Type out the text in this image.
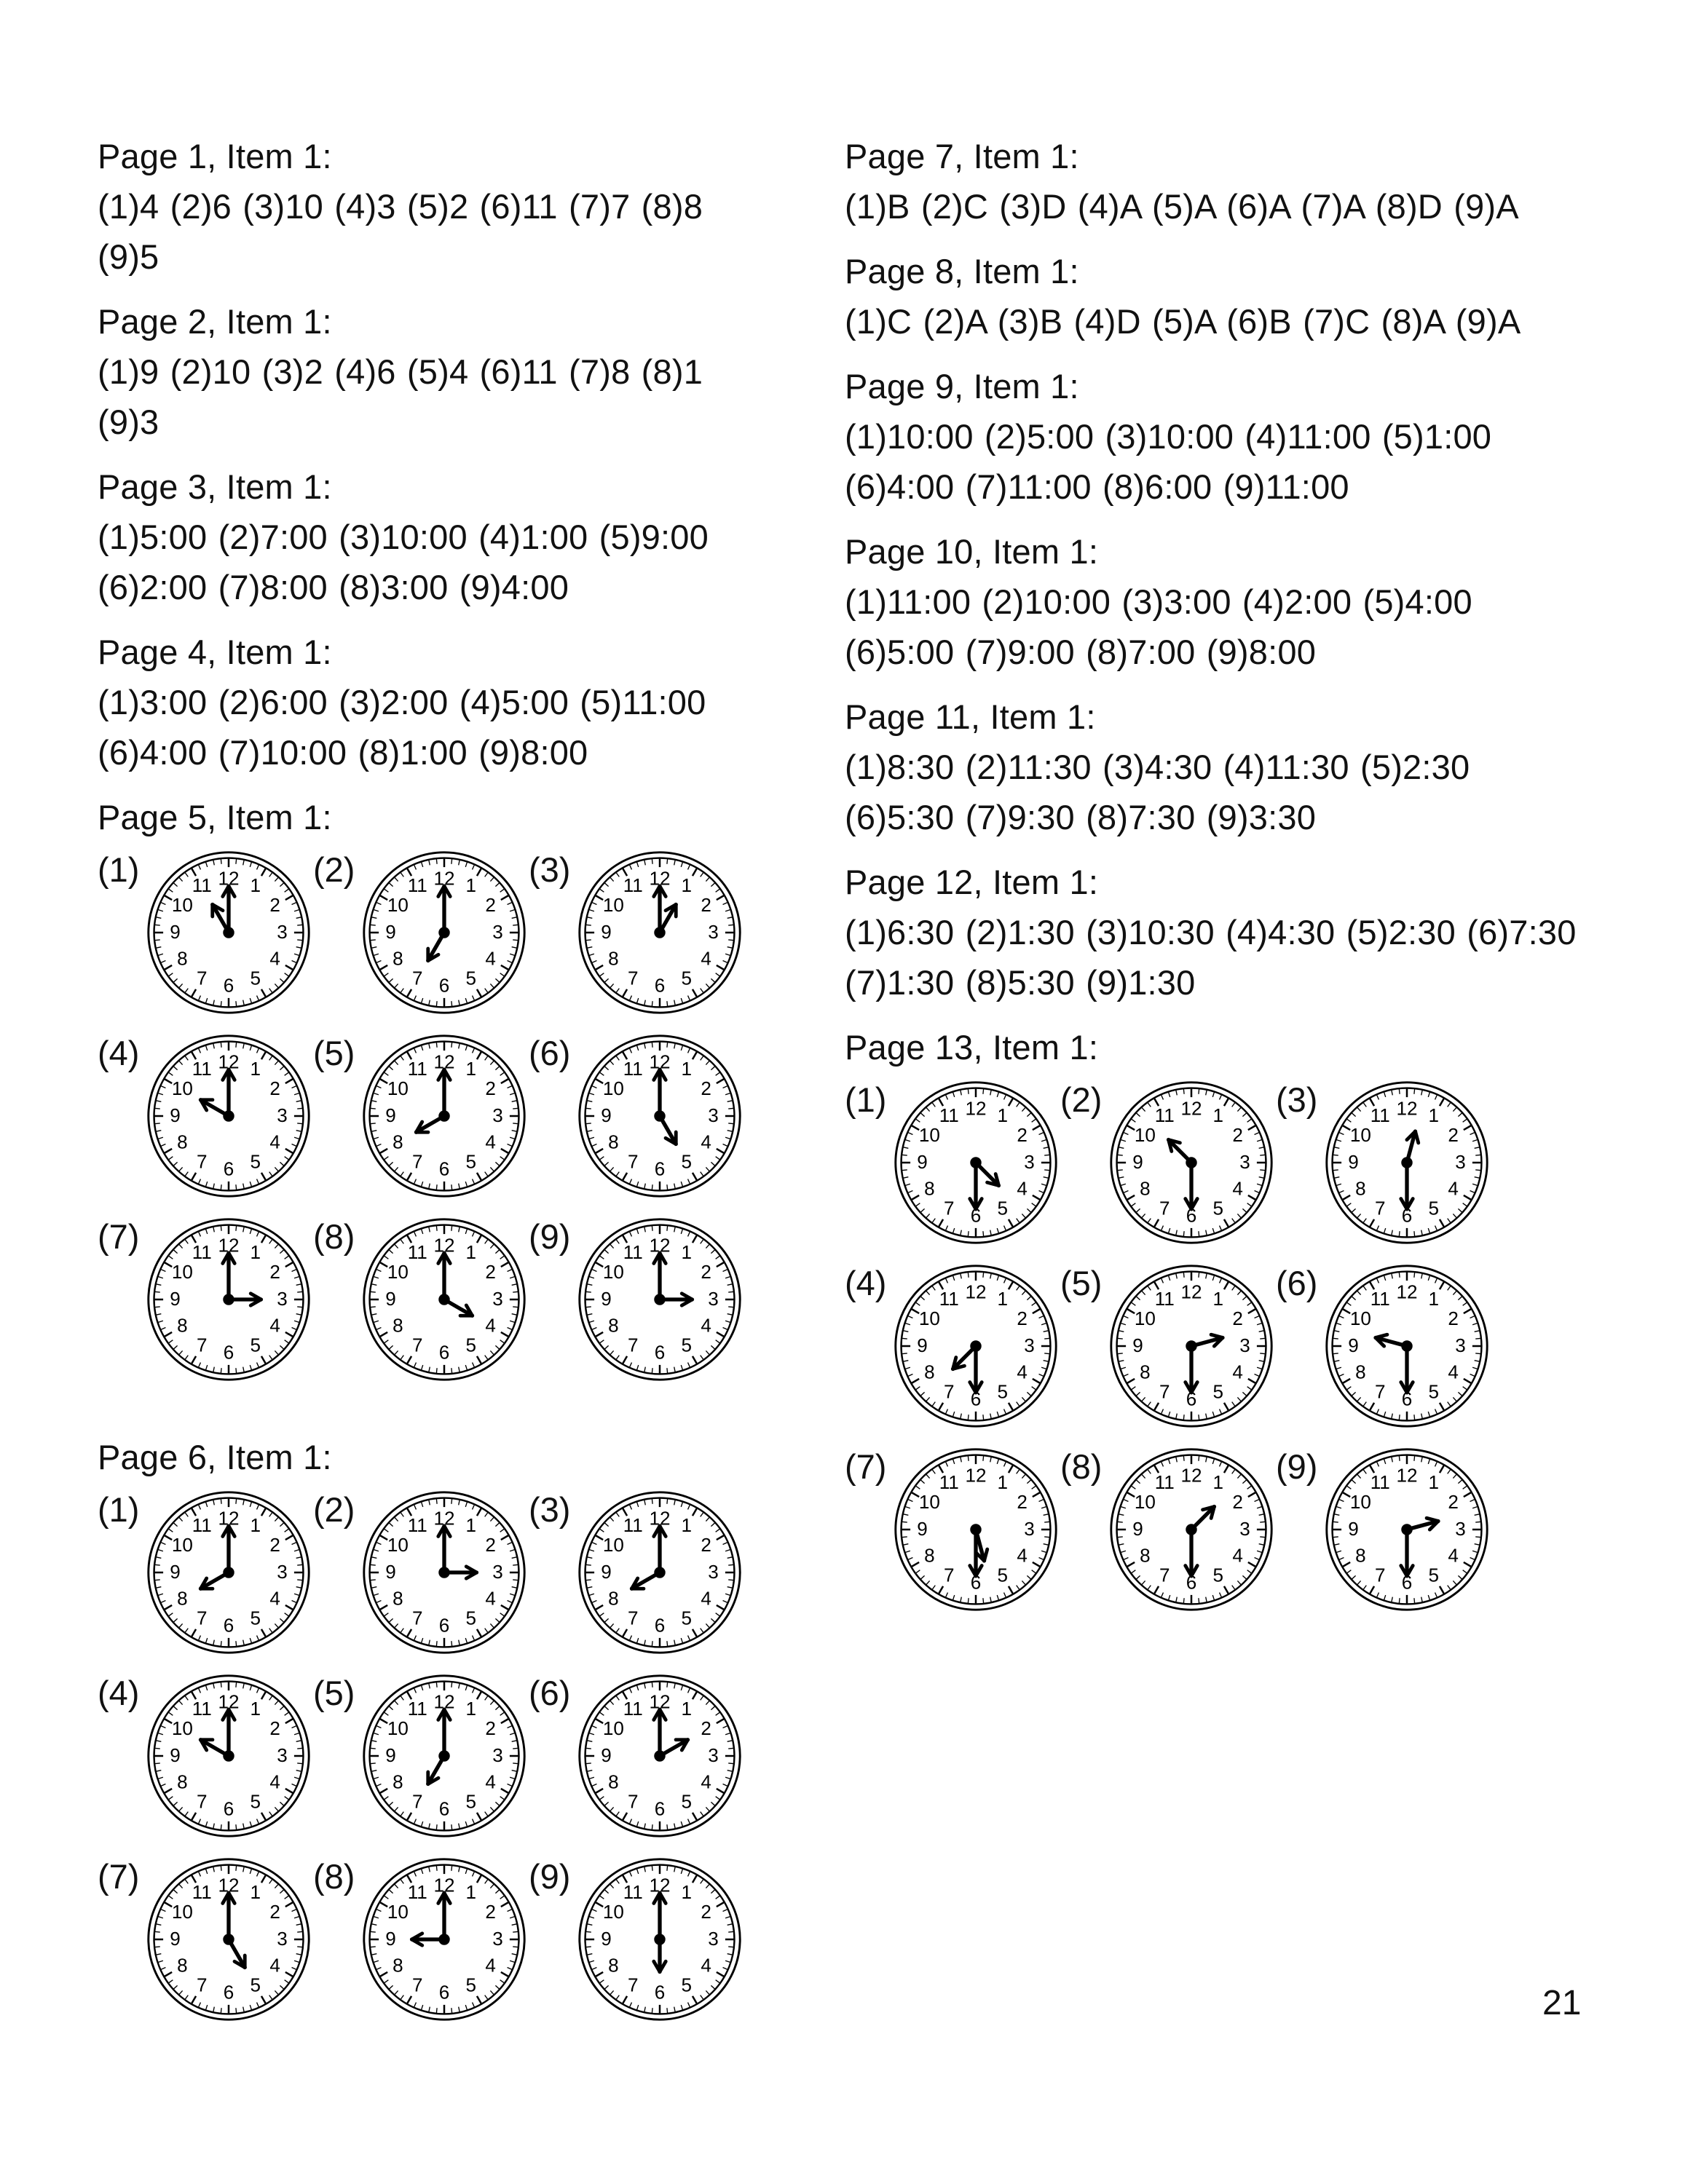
Page 1, Item 1:

(1)4 (2)6 (3)10 (4)3 (5)2 (6)11 (7)7 (8)8 (9)5

Page 2, Item 1:

(1)9 (2)10 (3)2 (4)6 (5)4 (6)11 (7)8 (8)1 (9)3

Page 3, Item 1:

(1)5:00 (2)7:00 (3)10:00 (4)1:00 (5)9:00 (6)2:00 (7)8:00 (8)3:00 (9)4:00

Page 4, Item 1:

(1)3:00 (2)6:00 (3)2:00 (4)5:00 (5)11:00 (6)4:00 (7)10:00 (8)1:00 (9)8:00

Page 5, Item 1:

(1)	12 1
2
3
4
5
6
7
8
9
10
11	(2)	12 1
2
3
4
5
6
7
8
9
10
11	(3)	12 1
2
3
4
5
6
7
8
9
10
11
(4)	12 1
2
3
4
5
6
7
8
9
10
11	(5)	12 1
2
3
4
5
6
7
8
9
10
11	(6)	12 1
2
3
4
5
6
7
8
9
10
11
(7)	12 1
2
3
4
5
6
7
8
9
10
11	(8)	12 1
2
3
4
5
6
7
8
9
10
11	(9)	12 1
2
3
4
5
6
7
8
9
10
11

Page 6, Item 1:

(1)	12 1
2
3
4
5
6
7
8
9
10
11	(2)	12 1
2
3
4
5
6
7
8
9
10
11	(3)	12 1
2
3
4
5
6
7
8
9
10
11
(4)	12 1
2
3
4
5
6
7
8
9
10
11	(5)	12 1
2
3
4
5
6
7
8
9
10
11	(6)	12 1
2
3
4
5
6
7
8
9
10
11
(7)	12 1
2
3
4
5
6
7
8
9
10
11	(8)	12 1
2
3
4
5
6
7
8
9
10
11	(9)	12 1
2
3
4
5
6
7
8
9
10
11

Page 7, Item 1:

(1)B (2)C (3)D (4)A (5)A (6)A (7)A (8)D (9)A

Page 8, Item 1:

(1)C (2)A (3)B (4)D (5)A (6)B (7)C (8)A (9)A

Page 9, Item 1:

(1)10:00 (2)5:00 (3)10:00 (4)11:00 (5)1:00 (6)4:00 (7)11:00 (8)6:00 (9)11:00

Page 10, Item 1:

(1)11:00 (2)10:00 (3)3:00 (4)2:00 (5)4:00 (6)5:00 (7)9:00 (8)7:00 (9)8:00

Page 11, Item 1:

(1)8:30 (2)11:30 (3)4:30 (4)11:30 (5)2:30 (6)5:30 (7)9:30 (8)7:30 (9)3:30

Page 12, Item 1:

(1)6:30 (2)1:30 (3)10:30 (4)4:30 (5)2:30 (6)7:30 (7)1:30 (8)5:30 (9)1:30

Page 13, Item 1:

(1)	12 1
2
3
4
5
6
7
8
9
10
11	(2)	12 1
2
3
4
5
6
7
8
9
10
11	(3)	12 1
2
3
4
5
6
7
8
9
10
11
(4)	12 1
2
3
4
5
6
7
8
9
10
11	(5)	12 1
2
3
4
5
6
7
8
9
10
11	(6)	12 1
2
3
4
5
6
7
8
9
10
11
(7)	12 1
2
3
4
5
6
7
8
9
10
11	(8)	12 1
2
3
4
5
6
7
8
9
10
11	(9)	12 1
2
3
4
5
6
7
8
9
10
11
21
